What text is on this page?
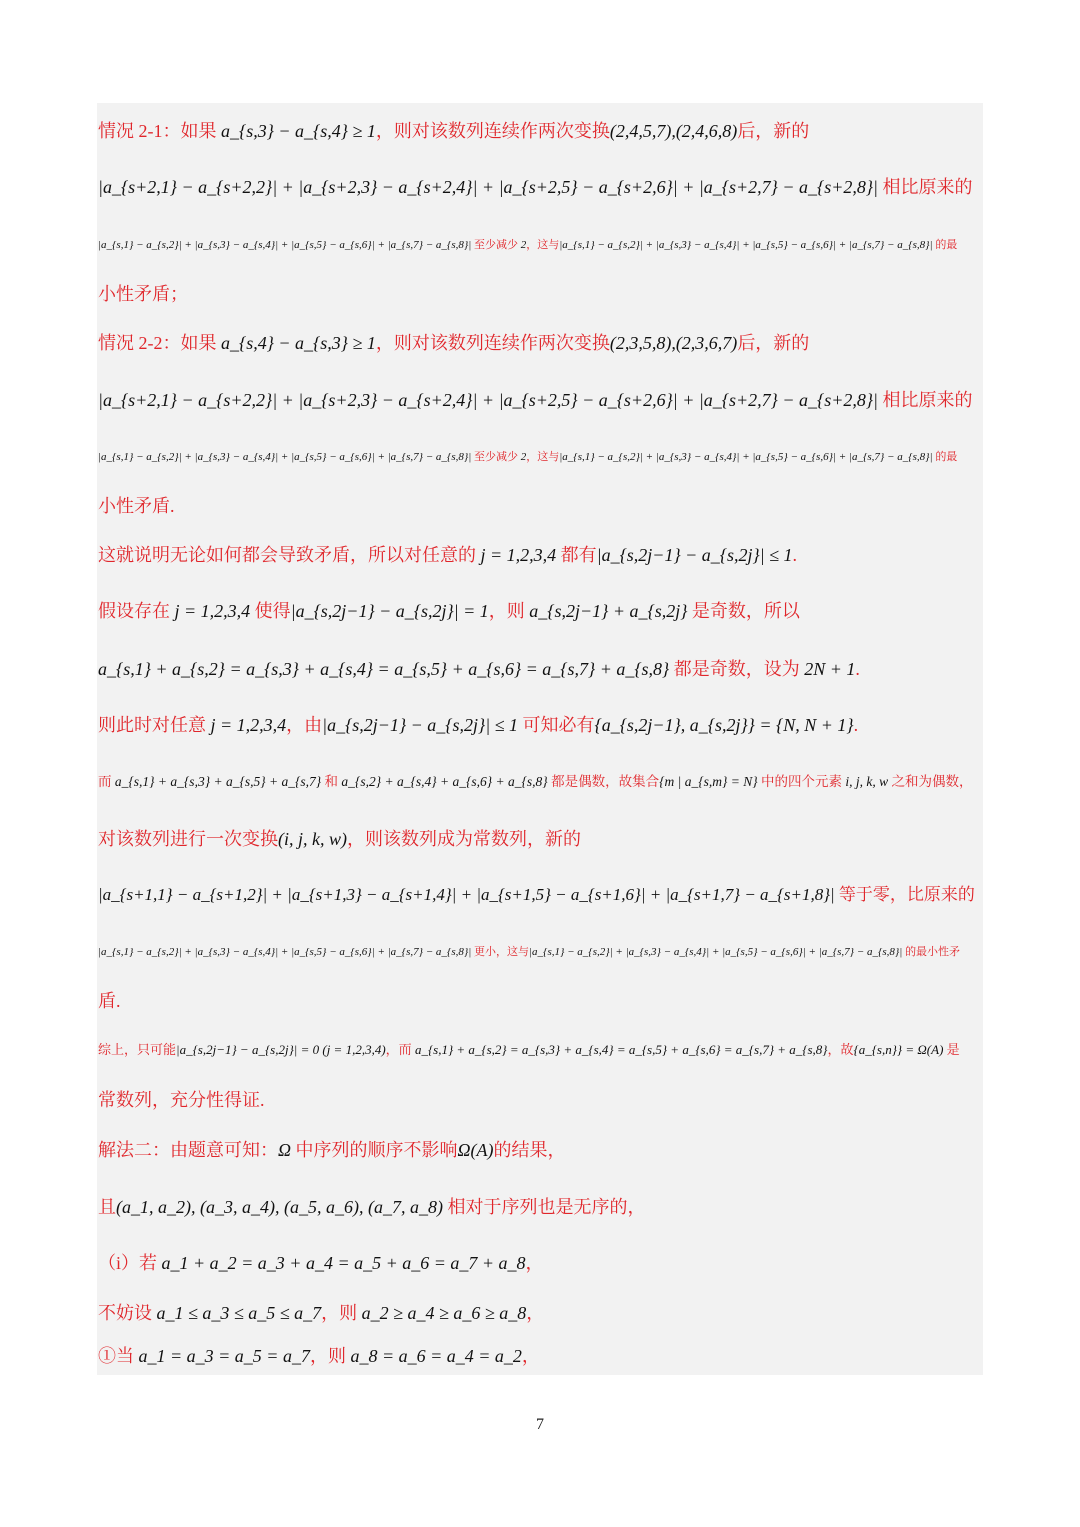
情况 2-1：如果 a_{s,3} − a_{s,4} ≥ 1，则对该数列连续作两次变换(2,4,5,7),(2,4,6,8)后，新的
|a_{s+2,1} − a_{s+2,2}| + |a_{s+2,3} − a_{s+2,4}| + |a_{s+2,5} − a_{s+2,6}| + |a_{s+2,7} − a_{s+2,8}| 相比原来的
|a_{s,1} − a_{s,2}| + |a_{s,3} − a_{s,4}| + |a_{s,5} − a_{s,6}| + |a_{s,7} − a_{s,8}| 至少减少 2，这与|a_{s,1} − a_{s,2}| + |a_{s,3} − a_{s,4}| + |a_{s,5} − a_{s,6}| + |a_{s,7} − a_{s,8}| 的最
小性矛盾；
情况 2-2：如果 a_{s,4} − a_{s,3} ≥ 1，则对该数列连续作两次变换(2,3,5,8),(2,3,6,7)后，新的
|a_{s+2,1} − a_{s+2,2}| + |a_{s+2,3} − a_{s+2,4}| + |a_{s+2,5} − a_{s+2,6}| + |a_{s+2,7} − a_{s+2,8}| 相比原来的
|a_{s,1} − a_{s,2}| + |a_{s,3} − a_{s,4}| + |a_{s,5} − a_{s,6}| + |a_{s,7} − a_{s,8}| 至少减少 2，这与|a_{s,1} − a_{s,2}| + |a_{s,3} − a_{s,4}| + |a_{s,5} − a_{s,6}| + |a_{s,7} − a_{s,8}| 的最
小性矛盾.
这就说明无论如何都会导致矛盾，所以对任意的 j = 1,2,3,4 都有|a_{s,2j−1} − a_{s,2j}| ≤ 1.
假设存在 j = 1,2,3,4 使得|a_{s,2j−1} − a_{s,2j}| = 1，则 a_{s,2j−1} + a_{s,2j} 是奇数，所以
a_{s,1} + a_{s,2} = a_{s,3} + a_{s,4} = a_{s,5} + a_{s,6} = a_{s,7} + a_{s,8} 都是奇数，设为 2N + 1.
则此时对任意 j = 1,2,3,4，由|a_{s,2j−1} − a_{s,2j}| ≤ 1 可知必有{a_{s,2j−1}, a_{s,2j}} = {N, N + 1}.
而 a_{s,1} + a_{s,3} + a_{s,5} + a_{s,7} 和 a_{s,2} + a_{s,4} + a_{s,6} + a_{s,8} 都是偶数，故集合{m | a_{s,m} = N} 中的四个元素 i, j, k, w 之和为偶数，
对该数列进行一次变换(i, j, k, w)，则该数列成为常数列，新的
|a_{s+1,1} − a_{s+1,2}| + |a_{s+1,3} − a_{s+1,4}| + |a_{s+1,5} − a_{s+1,6}| + |a_{s+1,7} − a_{s+1,8}| 等于零，比原来的
|a_{s,1} − a_{s,2}| + |a_{s,3} − a_{s,4}| + |a_{s,5} − a_{s,6}| + |a_{s,7} − a_{s,8}| 更小，这与|a_{s,1} − a_{s,2}| + |a_{s,3} − a_{s,4}| + |a_{s,5} − a_{s,6}| + |a_{s,7} − a_{s,8}| 的最小性矛
盾.
综上，只可能|a_{s,2j−1} − a_{s,2j}| = 0 (j = 1,2,3,4)，而 a_{s,1} + a_{s,2} = a_{s,3} + a_{s,4} = a_{s,5} + a_{s,6} = a_{s,7} + a_{s,8}，故{a_{s,n}} = Ω(A) 是
常数列，充分性得证.
解法二：由题意可知：Ω 中序列的顺序不影响Ω(A)的结果，
且(a_1, a_2), (a_3, a_4), (a_5, a_6), (a_7, a_8) 相对于序列也是无序的，
（i）若 a_1 + a_2 = a_3 + a_4 = a_5 + a_6 = a_7 + a_8，
不妨设 a_1 ≤ a_3 ≤ a_5 ≤ a_7，则 a_2 ≥ a_4 ≥ a_6 ≥ a_8，
①当 a_1 = a_3 = a_5 = a_7，则 a_8 = a_6 = a_4 = a_2，
7
